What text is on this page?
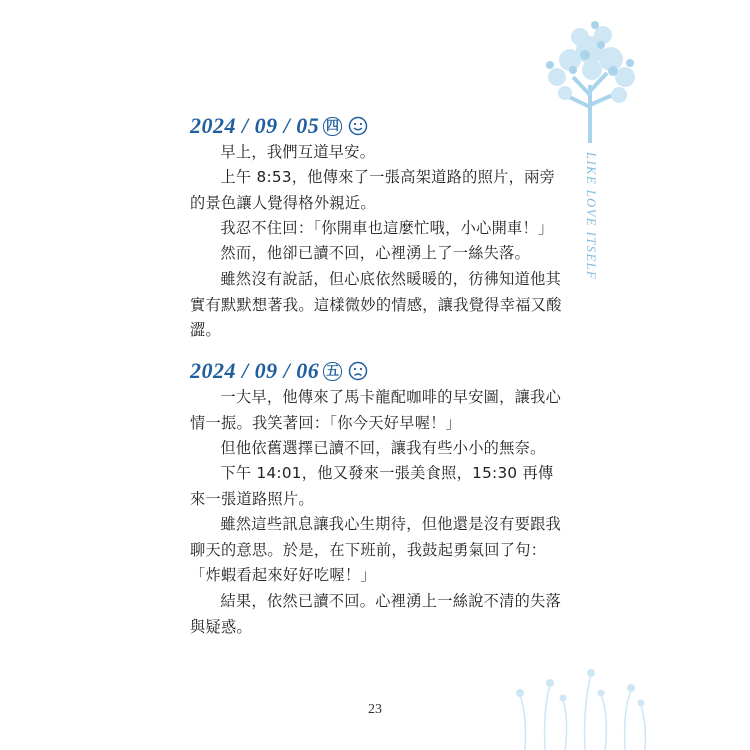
LIKE LOVE ITSELF
2024 / 09 / 05 四

早上，我們互道早安。

上午 8:53，他傳來了一張高架道路的照片，兩旁的景色讓人覺得格外親近。

我忍不住回：「你開車也這麼忙哦，小心開車！」

然而，他卻已讀不回，心裡湧上了一絲失落。

雖然沒有說話，但心底依然暖暖的，彷彿知道他其實有默默想著我。這樣微妙的情感，讓我覺得幸福又酸澀。

2024 / 09 / 06 五

一大早，他傳來了馬卡龍配咖啡的早安圖，讓我心情一振。我笑著回：「你今天好早喔！」

但他依舊選擇已讀不回，讓我有些小小的無奈。

下午 14:01，他又發來一張美食照，15:30 再傳來一張道路照片。

雖然這些訊息讓我心生期待，但他還是沒有要跟我聊天的意思。於是，在下班前，我鼓起勇氣回了句：「炸蝦看起來好好吃喔！」

結果，依然已讀不回。心裡湧上一絲說不清的失落與疑惑。

23
